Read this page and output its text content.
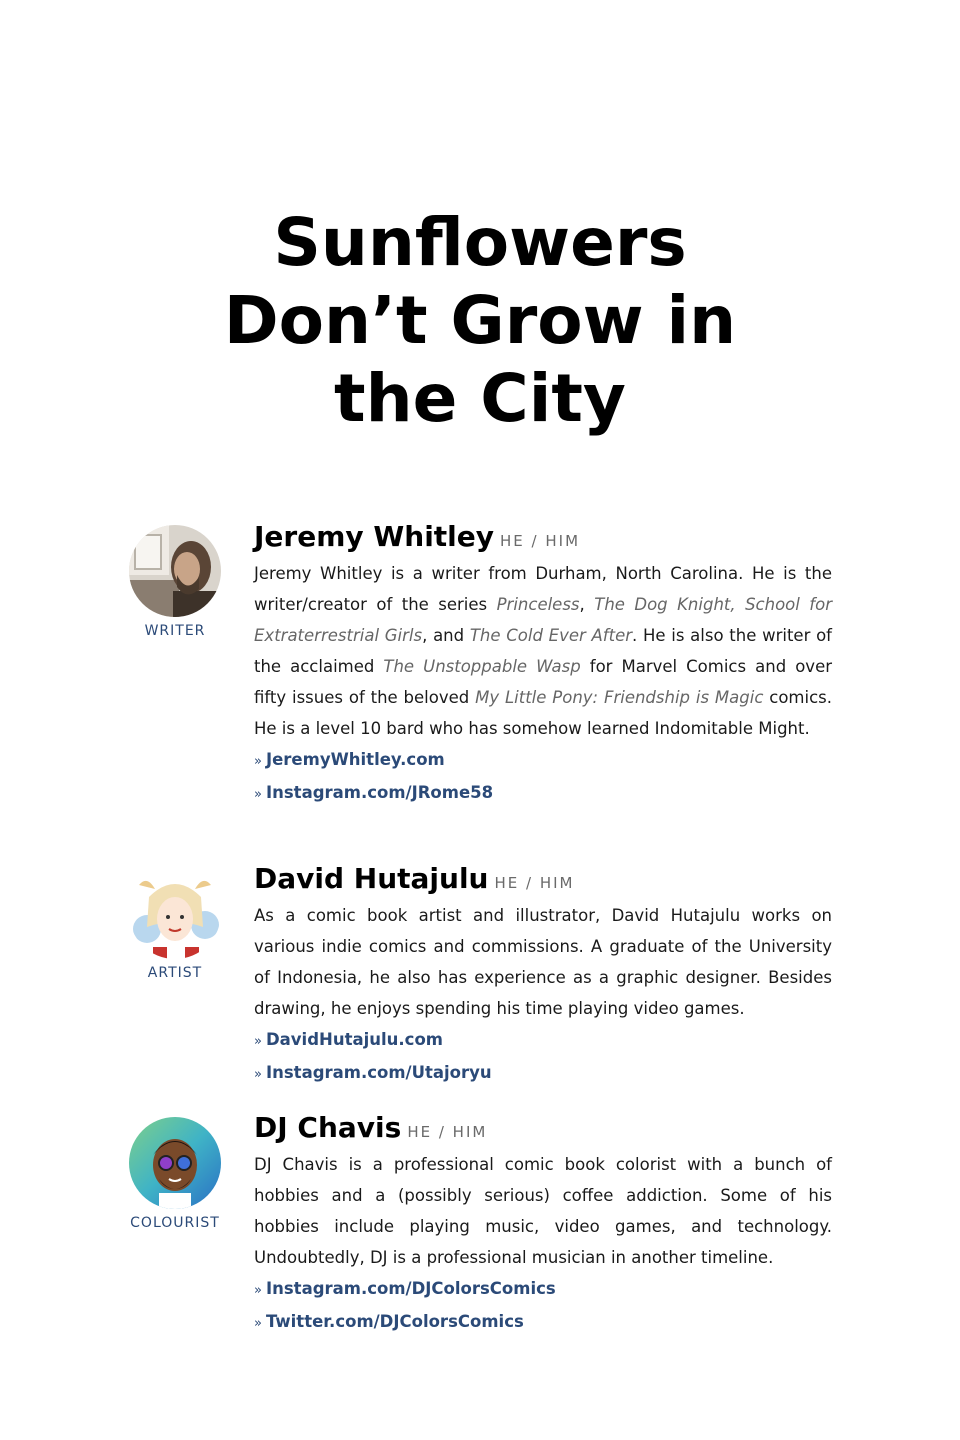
Sunflowers
Don’t Grow in
the City
WRITER
Jeremy Whitley HE / HIM

Jeremy Whitley is a writer from Durham, North Carolina. He is the writer/creator of the series Princeless, The Dog Knight, School for Extraterrestrial Girls, and The Cold Ever After. He is also the writer of the acclaimed The Unstoppable Wasp for Marvel Comics and over fifty issues of the beloved My Little Pony: Friendship is Magic comics. He is a level 10 bard who has somehow learned Indomitable Might.

» JeremyWhitley.com
» Instagram.com/JRome58
ARTIST
David Hutajulu HE / HIM

As a comic book artist and illustrator, David Hutajulu works on various indie comics and commissions. A graduate of the University of Indonesia, he also has experience as a graphic designer. Besides drawing, he enjoys spending his time playing video games.

» DavidHutajulu.com
» Instagram.com/Utajoryu
COLOURIST
DJ Chavis HE / HIM

DJ Chavis is a professional comic book colorist with a bunch of hobbies and a (possibly serious) coffee addiction. Some of his hobbies include playing music, video games, and technology. Undoubtedly, DJ is a professional musician in another timeline.

» Instagram.com/DJColorsComics
» Twitter.com/DJColorsComics
